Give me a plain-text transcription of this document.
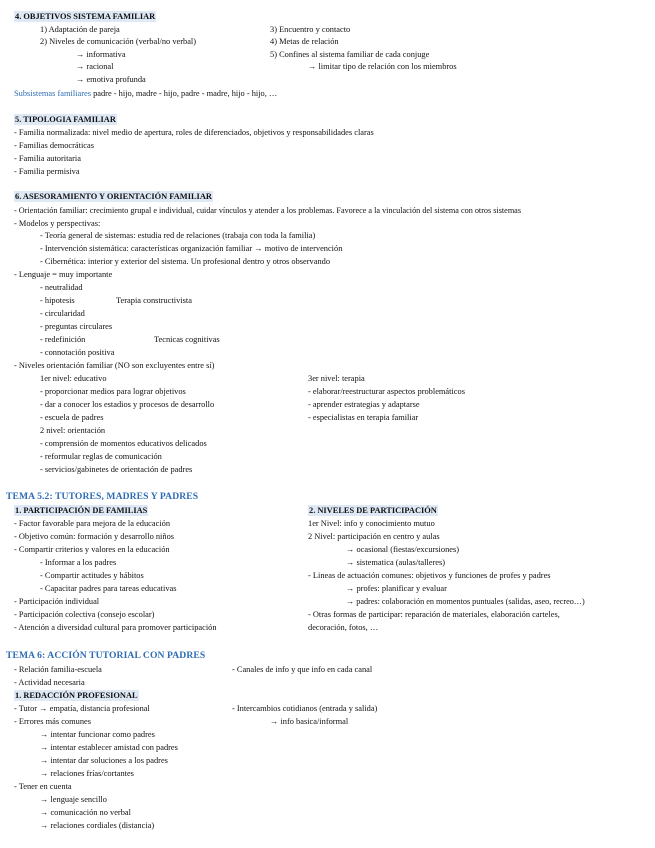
4. OBJETIVOS SISTEMA FAMILIAR
1) Adaptación de pareja
2) Niveles de comunicación (verbal/no verbal)
→ informativa
→ racional
→ emotiva profunda
3) Encuentro y contacto
4) Metas de relación
5) Confines al sistema familiar de cada conjuge
→ limitar tipo de relación con los miembros
Subsistemas familiares padre - hijo, madre - hijo, padre - madre, hijo - hijo, …
5. TIPOLOGIA FAMILIAR
- Familia normalizada: nivel medio de apertura, roles de diferenciados, objetivos y responsabilidades claras
- Familias democráticas
- Familia autoritaria
- Familia permisiva
6. ASESORAMIENTO Y ORIENTACIÓN FAMILIAR
- Orientación familiar: crecimiento grupal e individual, cuidar vínculos y atender a los problemas. Favorece a la vinculación del sistema con otros sistemas
- Modelos y perspectivas:
- Teoría general de sistemas: estudia red de relaciones (trabaja con toda la familia)
- Intervención sistemática: características organización familiar → motivo de intervención
- Cibernética: interior y exterior del sistema. Un profesional dentro y otros observando
- Lenguaje = muy importante
- neutralidad
- hipotesis	Terapia constructivista
- circularidad
- preguntas circulares
- redefinición	Tecnicas cognitivas
- connotación positiva
- Niveles orientación familiar (NO son excluyentes entre sí)
1er nivel: educativo
- proporcionar medios para lograr objetivos
- dar a conocer los estadios y procesos de desarrollo
- escuela de padres
2 nivel: orientación
- comprensión de momentos educativos delicados
- reformular reglas de comunicación
- servicios/gabinetes de orientación de padres
3er nivel: terapia
- elaborar/reestructurar aspectos problemáticos
- aprender estrategias y adaptarse
- especialistas en terapia familiar
TEMA 5.2: TUTORES, MADRES Y PADRES
1. PARTICIPACIÓN DE FAMILIAS
- Factor favorable para mejora de la educación
- Objetivo común: formación y desarrollo niños
- Compartir criterios y valores en la educación
- Informar a los padres
- Compartir actitudes y hábitos
- Capacitar padres para tareas educativas
- Participación individual
- Participación colectiva (consejo escolar)
- Atención a diversidad cultural para promover participación
2. NIVELES DE PARTICIPACIÓN
1er Nivel: info y conocimiento mutuo
2 Nivel: participación en centro y aulas
→ ocasional (fiestas/excursiones)
→ sistematica (aulas/talleres)
- Lineas de actuación comunes: objetivos y funciones de profes y padres
→ profes: planificar y evaluar
→ padres: colaboración en momentos puntuales (salidas, aseo, recreo…)
- Otras formas de participar: reparación de materiales, elaboración carteles,
decoración, fotos, …
TEMA 6: ACCIÓN TUTORIAL CON PADRES
- Relación familia-escuela	- Canales de info y que info en cada canal
- Actividad necesaria
1. REDACCIÓN PROFESIONAL
- Tutor → empatía, distancia profesional	- Intercambios cotidianos (entrada y salida)
- Errores más comunes	→ info basica/informal
→ intentar funcionar como padres
→ intentar establecer amistad con padres
→ intentar dar soluciones a los padres
→ relaciones frías/cortantes
- Tener en cuenta
→ lenguaje sencillo
→ comunicación no verbal
→ relaciones cordiales (distancia)
